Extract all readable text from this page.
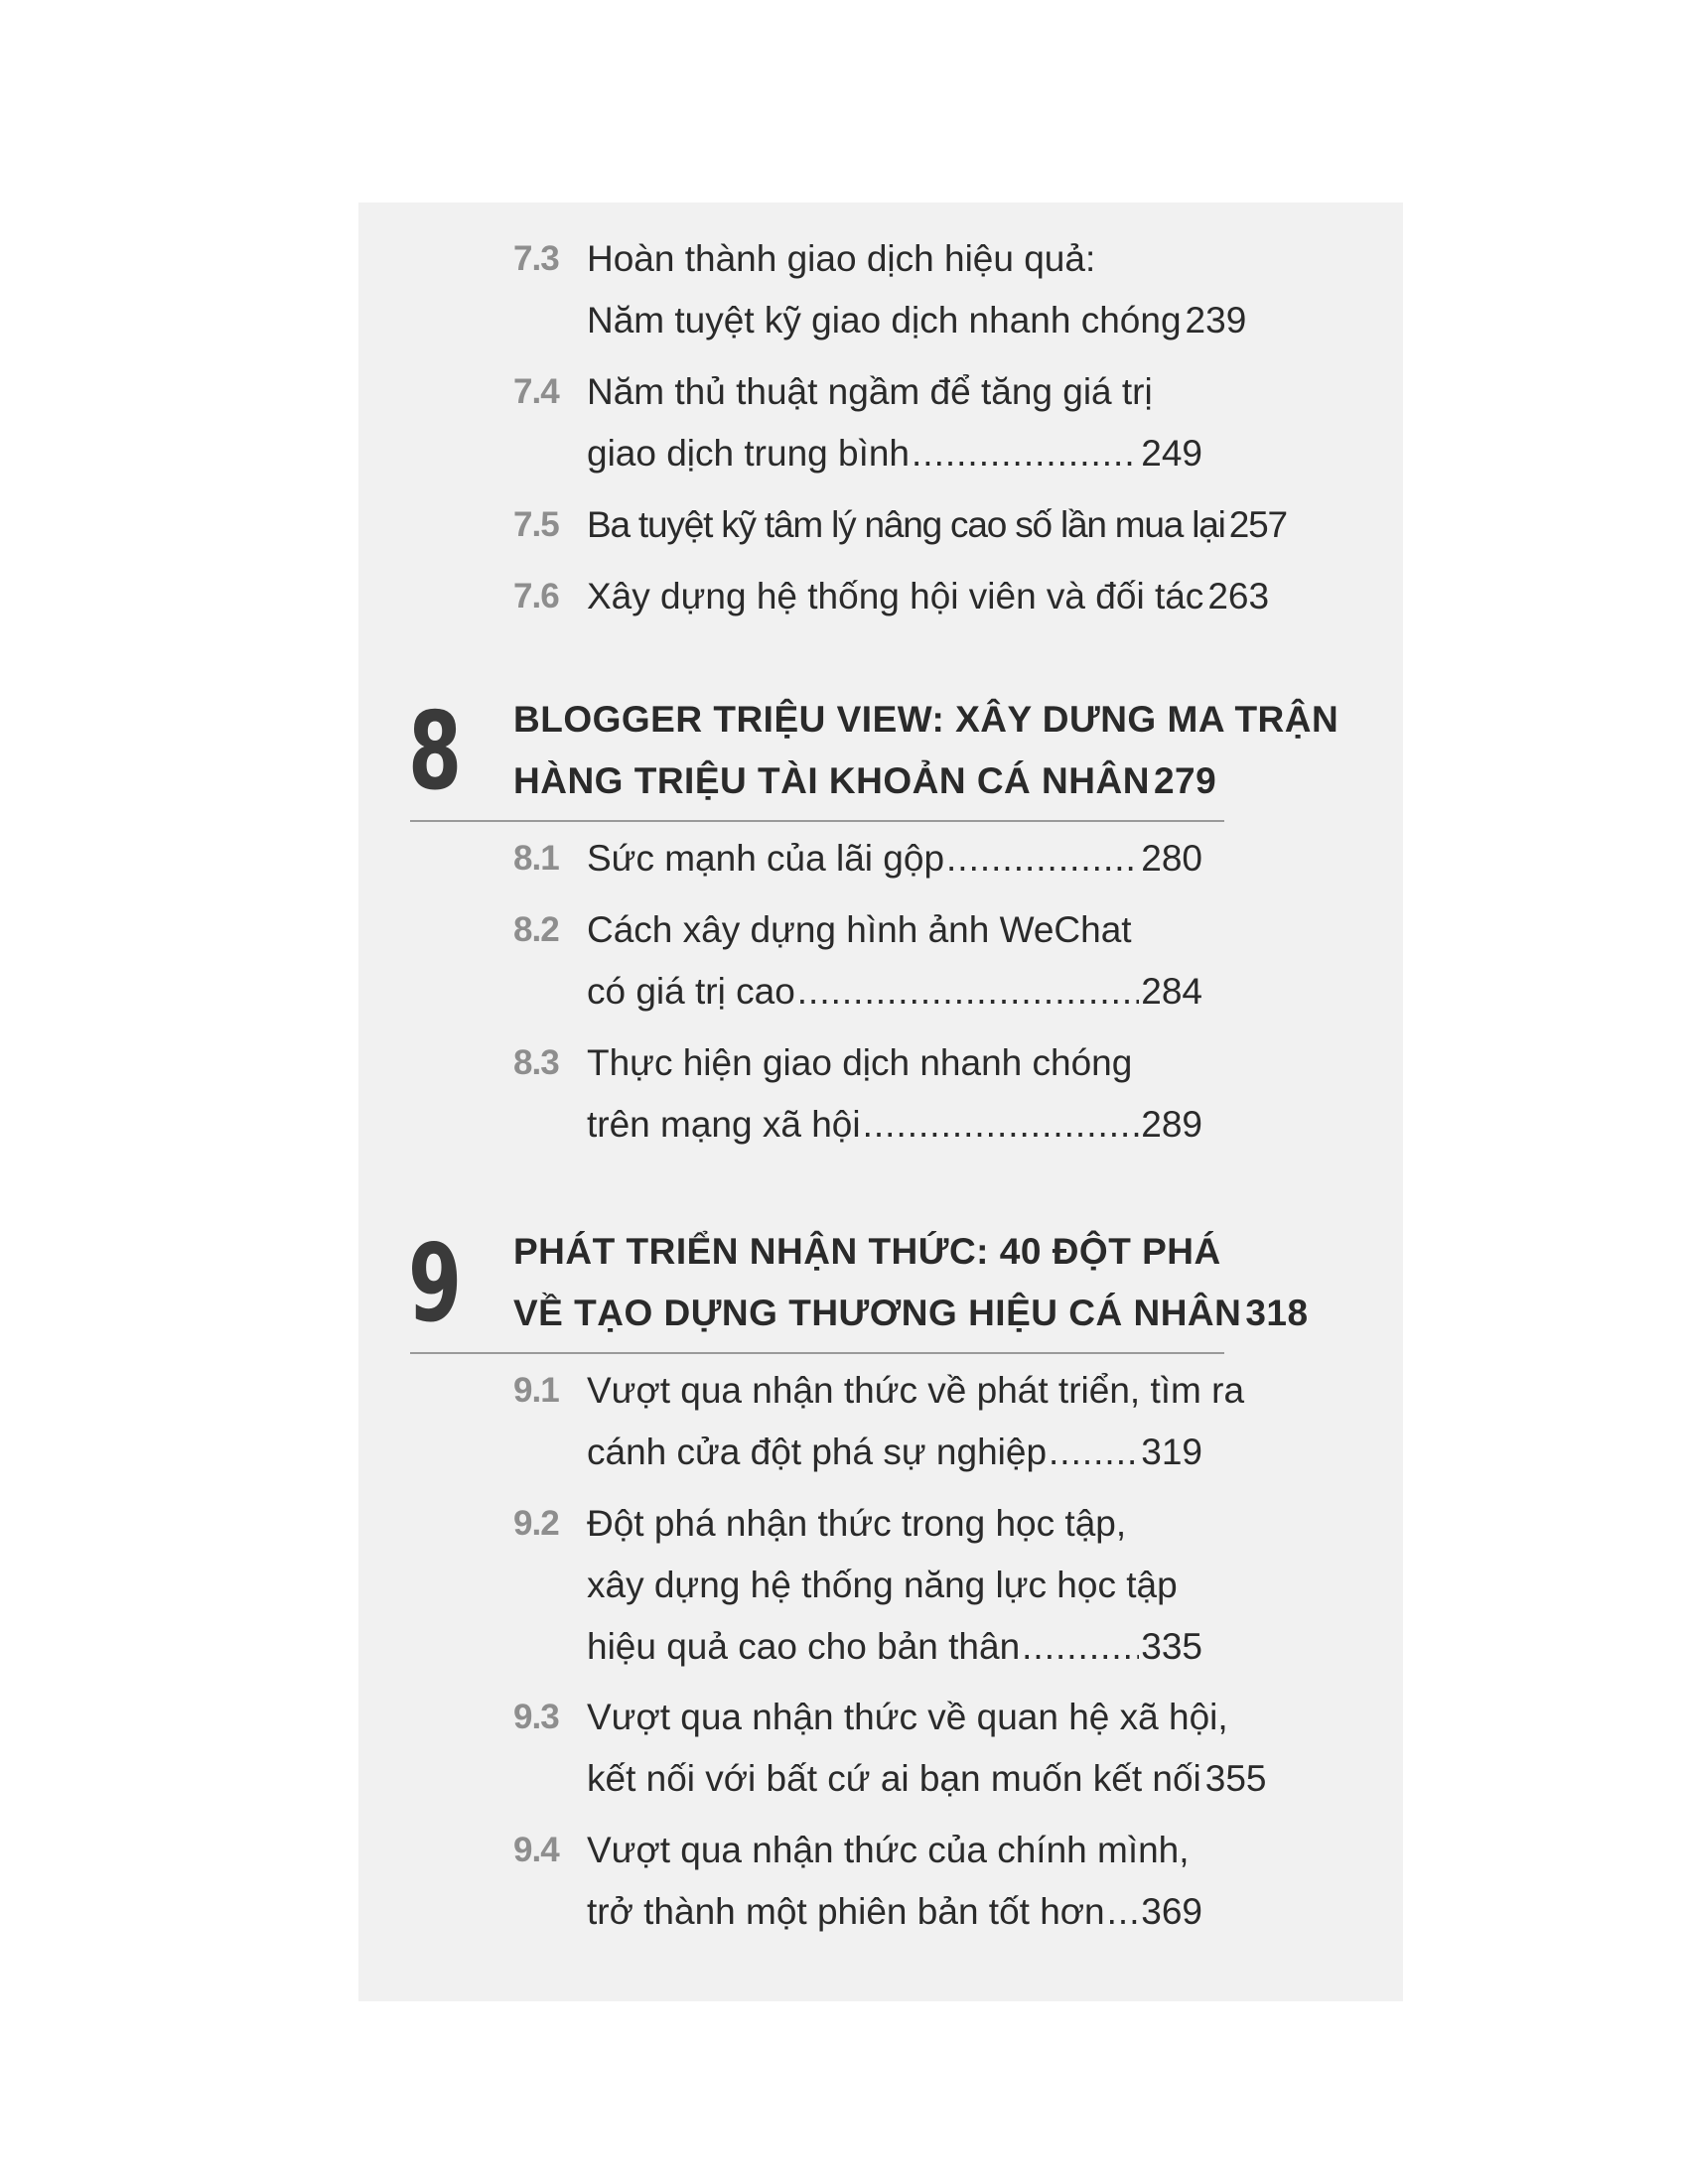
7.3 Hoàn thành giao dịch hiệu quả:
Năm tuyệt kỹ giao dịch nhanh chóng 239
7.4 Năm thủ thuật ngầm để tăng giá trị
giao dịch trung bình .....	249
7.5 Ba tuyệt kỹ tâm lý nâng cao số lần mua lại 257
7.6 Xây dựng hệ thống hội viên và đối tác 263
8 BLOGGER TRIỆU VIEW: XÂY DƯNG MA TRẬN
HÀNG TRIỆU TÀI KHOẢN CÁ NHÂN 279
8.1 Sức mạnh của lãi gộp .....	280
8.2 Cách xây dựng hình ảnh WeChat
có giá trị cao .....	284
8.3 Thực hiện giao dịch nhanh chóng
trên mạng xã hội .....	289
9 PHÁT TRIỂN NHẬN THỨC: 40 ĐỘT PHÁ
VỀ TẠO DỰNG THƯƠNG HIỆU CÁ NHÂN 318
9.1 Vượt qua nhận thức về phát triển, tìm ra
cánh cửa đột phá sự nghiệp .....	319
9.2 Đột phá nhận thức trong học tập,
xây dựng hệ thống năng lực học tập
hiệu quả cao cho bản thân .....	335
9.3 Vượt qua nhận thức về quan hệ xã hội,
kết nối với bất cứ ai bạn muốn kết nối 355
9.4 Vượt qua nhận thức của chính mình,
trở thành một phiên bản tốt hơn ..... 369
